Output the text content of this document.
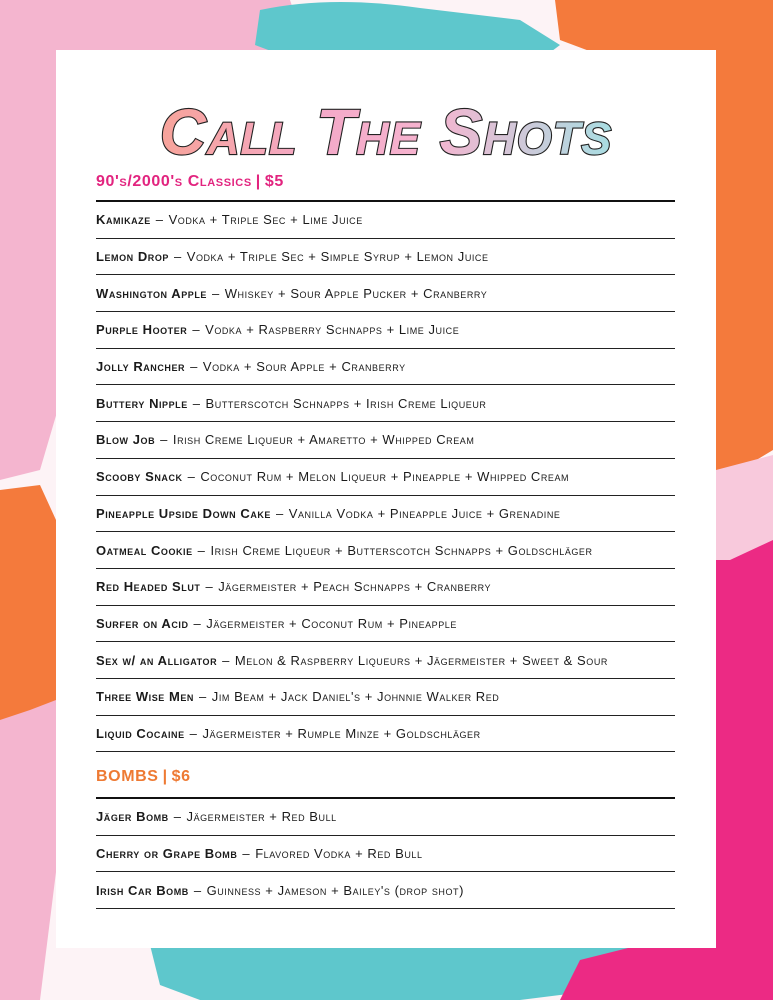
Call The Shots
90's/2000's Classics | $5
Kamikaze – Vodka + Triple Sec + Lime Juice
Lemon Drop – Vodka + Triple Sec + Simple Syrup + Lemon Juice
Washington Apple – Whiskey + Sour Apple Pucker + Cranberry
Purple Hooter – Vodka + Raspberry Schnapps + Lime Juice
Jolly Rancher – Vodka + Sour Apple + Cranberry
Buttery Nipple – Butterscotch Schnapps + Irish Creme Liqueur
Blow Job – Irish Creme Liqueur + Amaretto + Whipped Cream
Scooby Snack – Coconut Rum + Melon Liqueur + Pineapple + Whipped Cream
Pineapple Upside Down Cake – Vanilla Vodka + Pineapple Juice + Grenadine
Oatmeal Cookie – Irish Creme Liqueur + Butterscotch Schnapps + Goldschläger
Red Headed Slut – Jägermeister + Peach Schnapps + Cranberry
Surfer on Acid – Jägermeister + Coconut Rum + Pineapple
Sex w/ an Alligator – Melon & Raspberry Liqueurs + Jägermeister + Sweet & Sour
Three Wise Men – Jim Beam + Jack Daniel's + Johnnie Walker Red
Liquid Cocaine – Jägermeister + Rumple Minze + Goldschläger
BOMBS | $6
Jäger Bomb – Jägermeister + Red Bull
Cherry or Grape Bomb – Flavored Vodka + Red Bull
Irish Car Bomb – Guinness + Jameson + Bailey's (drop shot)
